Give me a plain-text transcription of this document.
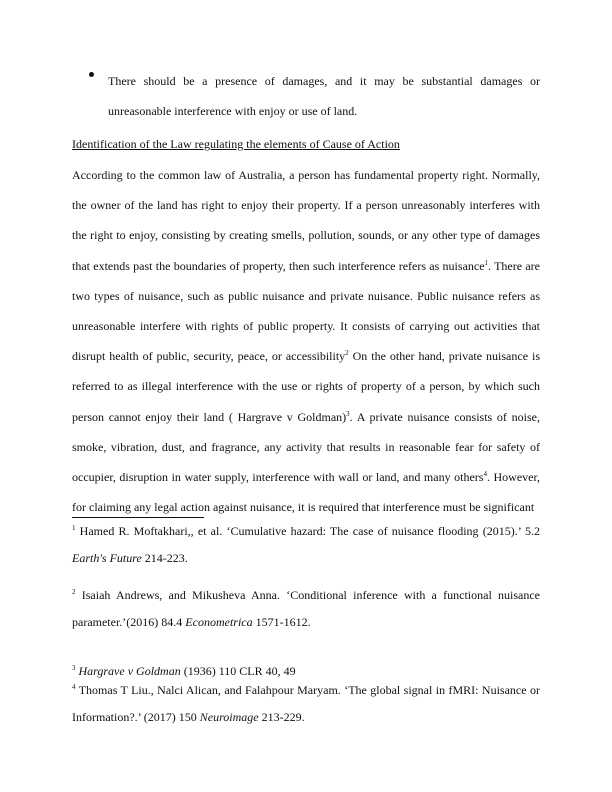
There should be a presence of damages, and it may be substantial damages or unreasonable interference with enjoy or use of land.
Identification of the Law regulating the elements of Cause of Action

According to the common law of Australia, a person has fundamental property right. Normally, the owner of the land has right to enjoy their property. If a person unreasonably interferes with the right to enjoy, consisting by creating smells, pollution, sounds, or any other type of damages that extends past the boundaries of property, then such interference refers as nuisance$^1$. There are two types of nuisance, such as public nuisance and private nuisance. Public nuisance refers as unreasonable interfere with rights of public property. It consists of carrying out activities that disrupt health of public, security, peace, or accessibility$^2$ On the other hand, private nuisance is referred to as illegal interference with the use or rights of property of a person, by which such person cannot enjoy their land ( Hargrave v Goldman)$^3$. A private nuisance consists of noise, smoke, vibration, dust, and fragrance, any activity that results in reasonable fear for safety of occupier, disruption in water supply, interference with wall or land, and many others$^4$. However, for claiming any legal action against nuisance, it is required that interference must be significant

$^1$ Hamed R. Moftakhari,, et al. ‘Cumulative hazard: The case of nuisance flooding (2015).’ 5.2 Earth's Future 214-223.

$^2$ Isaiah Andrews, and Mikusheva Anna. ‘Conditional inference with a functional nuisance parameter.’(2016) 84.4 Econometrica 1571-1612.

$^3$ Hargrave v Goldman (1936) 110 CLR 40, 49

$^4$ Thomas T Liu., Nalci Alican, and Falahpour Maryam. ‘The global signal in fMRI: Nuisance or Information?.’ (2017) 150 Neuroimage 213-229.
